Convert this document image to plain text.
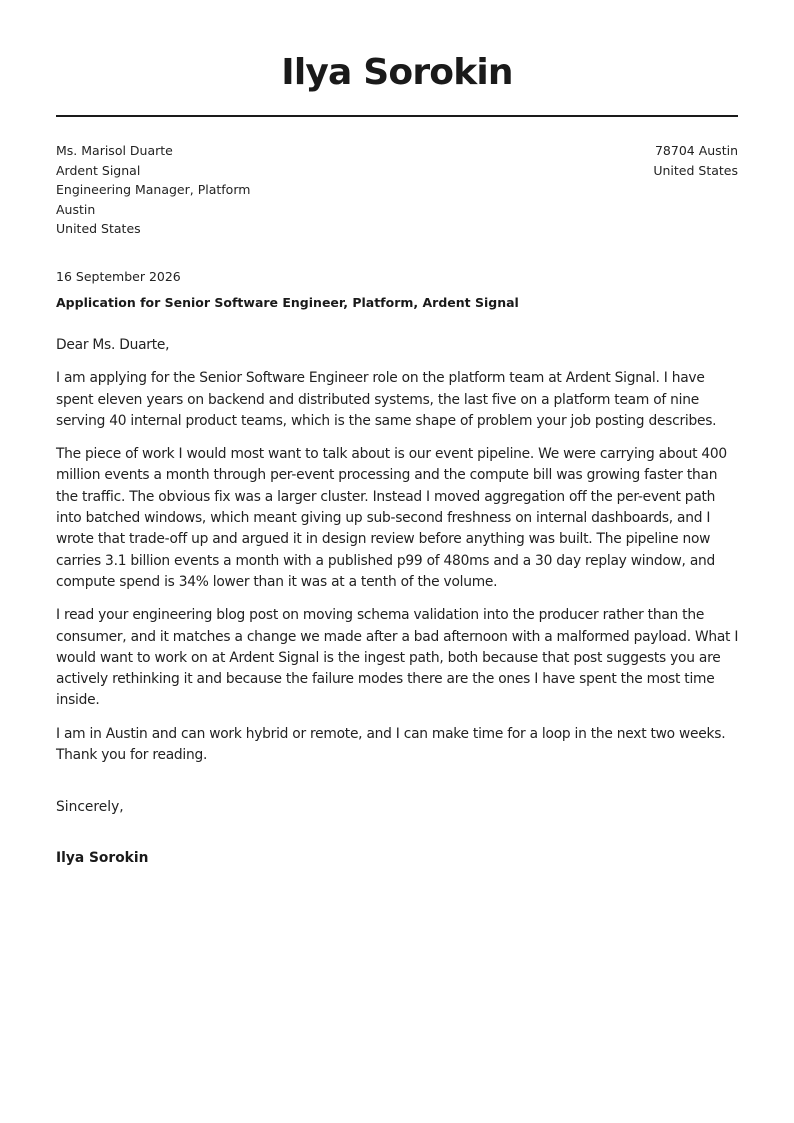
Ilya Sorokin
Ms. Marisol Duarte
Ardent Signal
Engineering Manager, Platform
Austin
United States
78704 Austin
United States
16 September 2026
Application for Senior Software Engineer, Platform, Ardent Signal

Dear Ms. Duarte,

I am applying for the Senior Software Engineer role on the platform team at Ardent Signal. I have spent eleven years on backend and distributed systems, the last five on a platform team of nine serving 40 internal product teams, which is the same shape of problem your job posting describes.

The piece of work I would most want to talk about is our event pipeline. We were carrying about 400 million events a month through per-event processing and the compute bill was growing faster than the traffic. The obvious fix was a larger cluster. Instead I moved aggregation off the per-event path into batched windows, which meant giving up sub-second freshness on internal dashboards, and I wrote that trade-off up and argued it in design review before anything was built. The pipeline now carries 3.1 billion events a month with a published p99 of 480ms and a 30 day replay window, and compute spend is 34% lower than it was at a tenth of the volume.

I read your engineering blog post on moving schema validation into the producer rather than the consumer, and it matches a change we made after a bad afternoon with a malformed payload. What I would want to work on at Ardent Signal is the ingest path, both because that post suggests you are actively rethinking it and because the failure modes there are the ones I have spent the most time inside.

I am in Austin and can work hybrid or remote, and I can make time for a loop in the next two weeks. Thank you for reading.

Sincerely,
Ilya Sorokin
